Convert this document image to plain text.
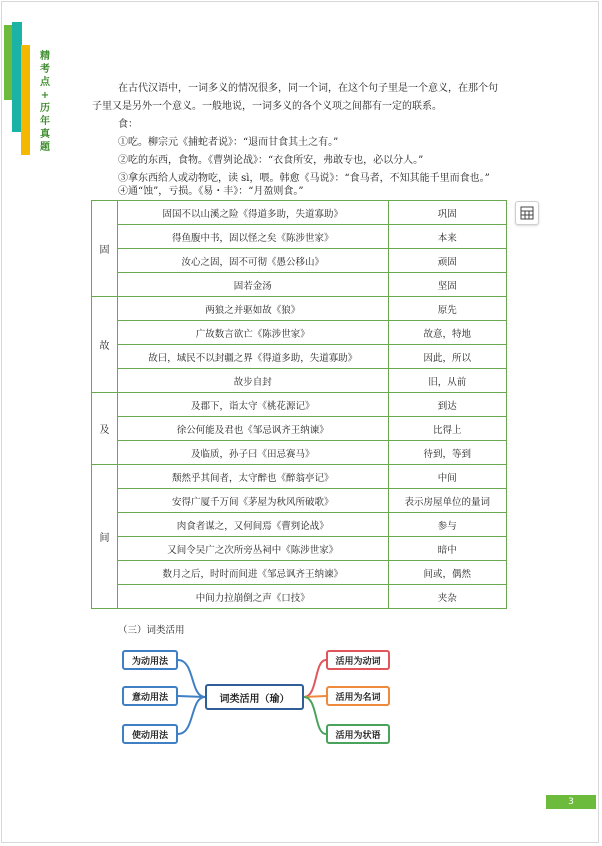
精
考
点
+
历
年
真
题
在古代汉语中，一词多义的情况很多，同一个词，在这个句子里是一个意义，在那个句
子里又是另外一个意义。一般地说，一词多义的各个义项之间都有一定的联系。
食：
①吃。柳宗元《捕蛇者说》：“退而甘食其土之有。”
②吃的东西，食物。《曹刿论战》：“衣食所安，弗敢专也，必以分人。”
③拿东西给人或动物吃，读 sì，喂。韩愈《马说》：“食马者，不知其能千里而食也。”
④通“蚀”，亏损。《易・丰》：“月盈则食。”
固	固国不以山溪之险《得道多助，失道寡助》	巩固
	得鱼腹中书，固以怪之矣《陈涉世家》	本来
	汝心之固，固不可彻《愚公移山》	顽固
	固若金汤	坚固
故	两狼之并驱如故《狼》	原先
	广故数言欲亡《陈涉世家》	故意，特地
	故曰，域民不以封疆之界《得道多助，失道寡助》	因此，所以
	故步自封	旧，从前
及	及郡下，诣太守《桃花源记》	到达
	徐公何能及君也《邹忌讽齐王纳谏》	比得上
	及临质，孙子曰《田忌赛马》	待到，等到
间	颓然乎其间者，太守醉也《醉翁亭记》	中间
	安得广厦千万间《茅屋为秋风所破歌》	表示房屋单位的量词
	肉食者谋之，又何间焉《曹刿论战》	参与
	又间令吴广之次所旁丛祠中《陈涉世家》	暗中
	数月之后，时时而间进《邹忌讽齐王纳谏》	间或，偶然
	中间力拉崩倒之声《口技》	夹杂
（三）词类活用
词类活用（瑜）
为动用法
意动用法
使动用法
活用为动词
活用为名词
活用为状语
3
